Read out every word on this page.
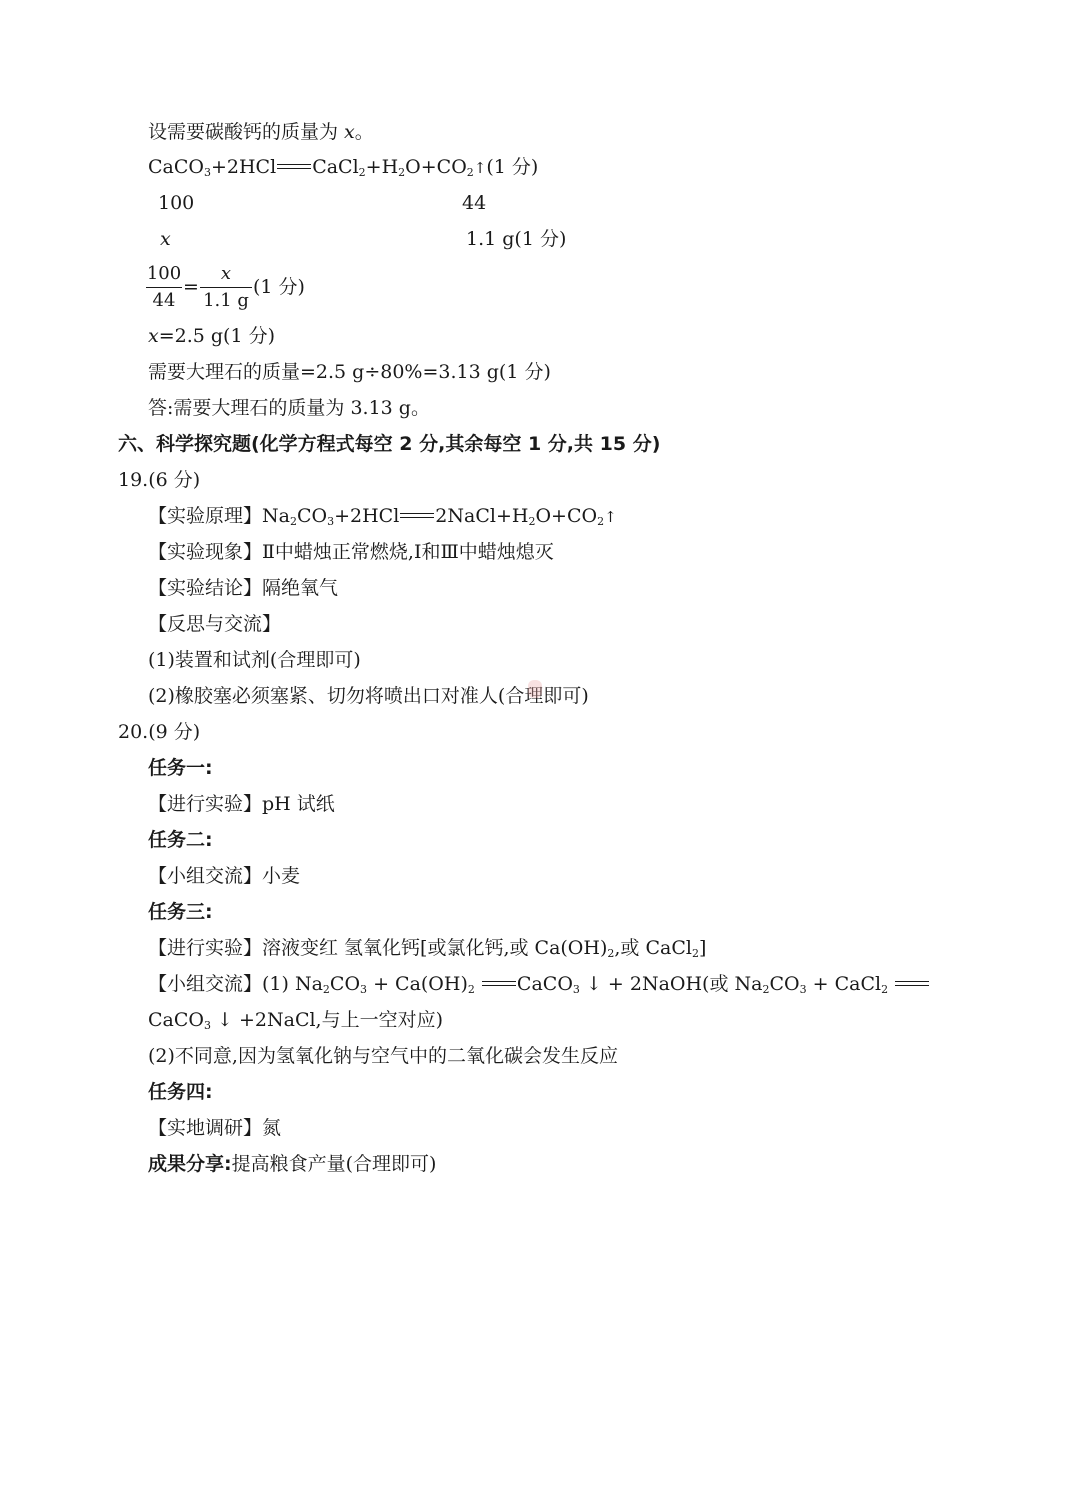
设需要碳酸钙的质量为 x。
CaCO$_3$+2HCl $CaCl_2+H_2O+CO_2↑(1$ 分)
100	44
x	1.1 g(1 分)
100
44
=
x
1.1 g
(1 分)
x=2.5 g(1 分)
需要大理石的质量=2.5 g÷80%=3.13 g(1 分)
答:需要大理石的质量为 3.13 g。
六、科学探究题(化学方程式每空 2 分,其余每空 1 分,共 15 分)
19.(6 分)
【实验原理】$Na_2CO_3+2HCl$ $2NaCl+H_2O+CO_2↑$
【实验现象】Ⅱ中蜡烛正常燃烧,Ⅰ和Ⅲ中蜡烛熄灭
【实验结论】隔绝氧气
【反思与交流】
(1)装置和试剂(合理即可)
(2)橡胶塞必须塞紧、切勿将喷出口对准人(合理即可)
20.(9 分)
任务一:
【进行实验】pH 试纸
任务二:
【小组交流】小麦
任务三:
【进行实验】溶液变红 氢氧化钙[或氯化钙,或 $Ca(OH)_2$,或 CaCl$_2$]
【小组交流】(1) $Na_2CO_3 + Ca(OH)_2$ CaCO$_3$ ↓ + 2NaOH(或 $Na_2CO_3$ + CaCl$_2$
CaCO$_3$ ↓ +2NaCl,与上一空对应)
(2)不同意,因为氢氧化钠与空气中的二氧化碳会发生反应
任务四:
【实地调研】氮
成果分享:提高粮食产量(合理即可)
